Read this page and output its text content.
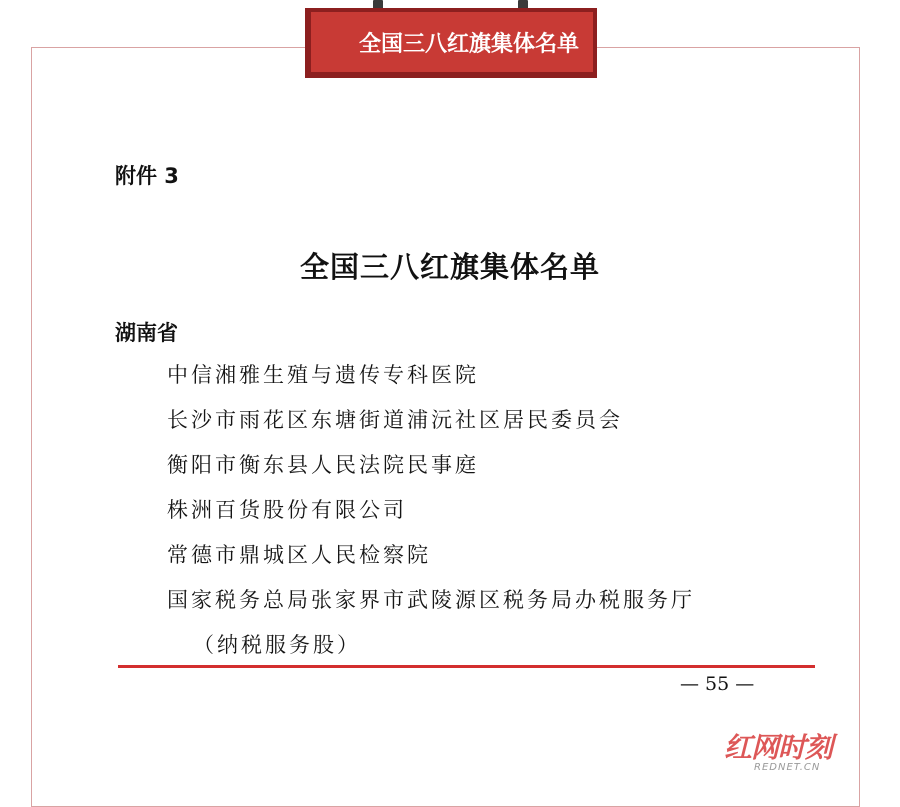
全国三八红旗集体名单
附件 3
全国三八红旗集体名单
湖南省
中信湘雅生殖与遗传专科医院
长沙市雨花区东塘街道浦沅社区居民委员会
衡阳市衡东县人民法院民事庭
株洲百货股份有限公司
常德市鼎城区人民检察院
国家税务总局张家界市武陵源区税务局办税服务厅
（纳税服务股）
— 55 —
红网时刻
REDNET.CN
